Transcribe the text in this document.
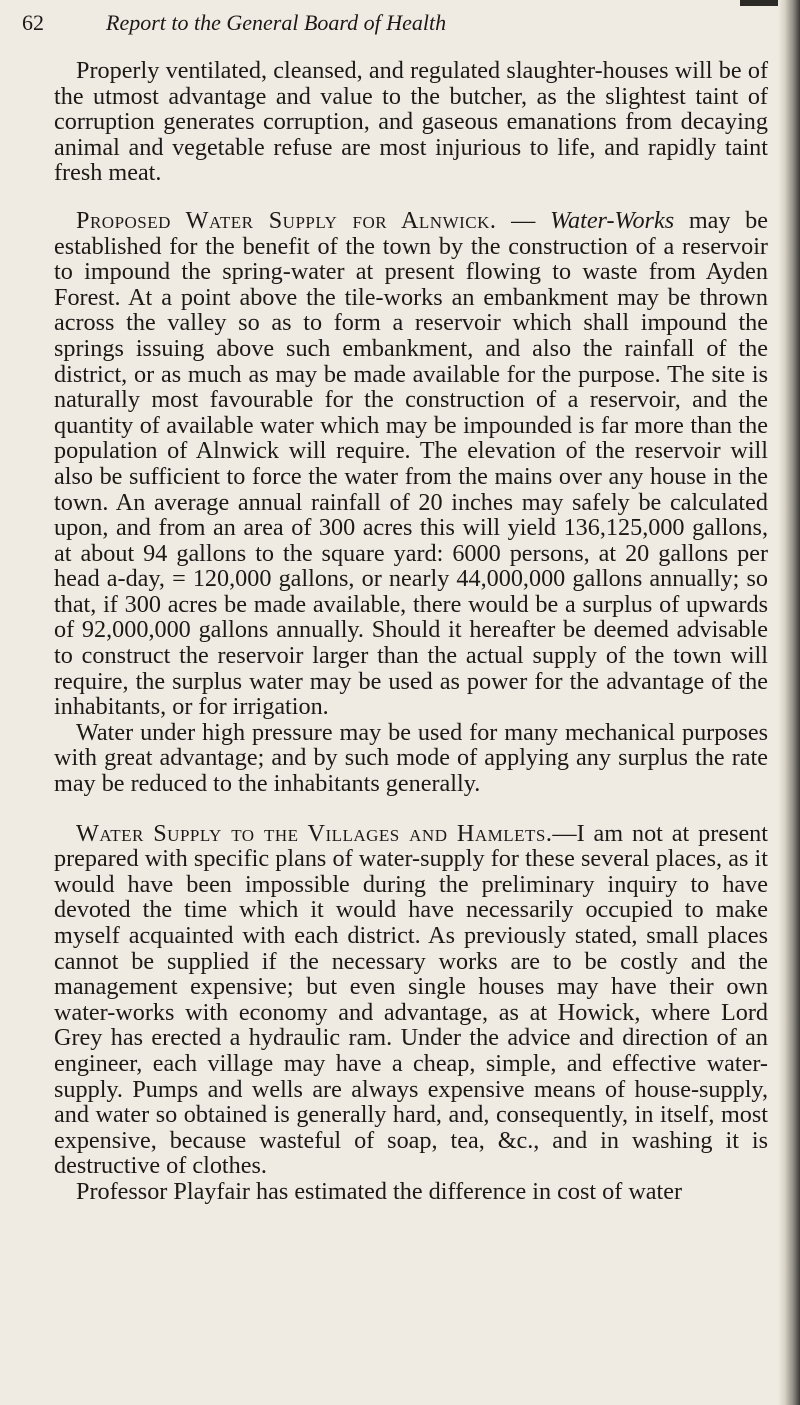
62	Report to the General Board of Health

Properly ventilated, cleansed, and regulated slaughter-houses will be of the utmost advantage and value to the butcher, as the slightest taint of corruption generates corruption, and gaseous emanations from decaying animal and vegetable refuse are most injurious to life, and rapidly taint fresh meat.

Proposed Water Supply for Alnwick. — Water-Works may be established for the benefit of the town by the construction of a reservoir to impound the spring-water at present flowing to waste from Ayden Forest. At a point above the tile-works an embankment may be thrown across the valley so as to form a reservoir which shall impound the springs issuing above such embankment, and also the rainfall of the district, or as much as may be made available for the purpose. The site is naturally most favourable for the construction of a reservoir, and the quantity of available water which may be impounded is far more than the population of Alnwick will require. The elevation of the reservoir will also be sufficient to force the water from the mains over any house in the town. An average annual rainfall of 20 inches may safely be calculated upon, and from an area of 300 acres this will yield 136,125,000 gallons, at about 94 gallons to the square yard: 6000 persons, at 20 gallons per head a-day, = 120,000 gallons, or nearly 44,000,000 gallons annually; so that, if 300 acres be made available, there would be a surplus of upwards of 92,000,000 gallons annually. Should it hereafter be deemed advisable to construct the reservoir larger than the actual supply of the town will require, the surplus water may be used as power for the advantage of the inhabitants, or for irrigation.

Water under high pressure may be used for many mechanical purposes with great advantage; and by such mode of applying any surplus the rate may be reduced to the inhabitants generally.

Water Supply to the Villages and Hamlets.—I am not at present prepared with specific plans of water-supply for these several places, as it would have been impossible during the preliminary inquiry to have devoted the time which it would have necessarily occupied to make myself acquainted with each district. As previously stated, small places cannot be supplied if the necessary works are to be costly and the management expensive; but even single houses may have their own water-works with economy and advantage, as at Howick, where Lord Grey has erected a hydraulic ram. Under the advice and direction of an engineer, each village may have a cheap, simple, and effective water-supply. Pumps and wells are always expensive means of house-supply, and water so obtained is generally hard, and, consequently, in itself, most expensive, because wasteful of soap, tea, &c., and in washing it is destructive of clothes.

Professor Playfair has estimated the difference in cost of water
